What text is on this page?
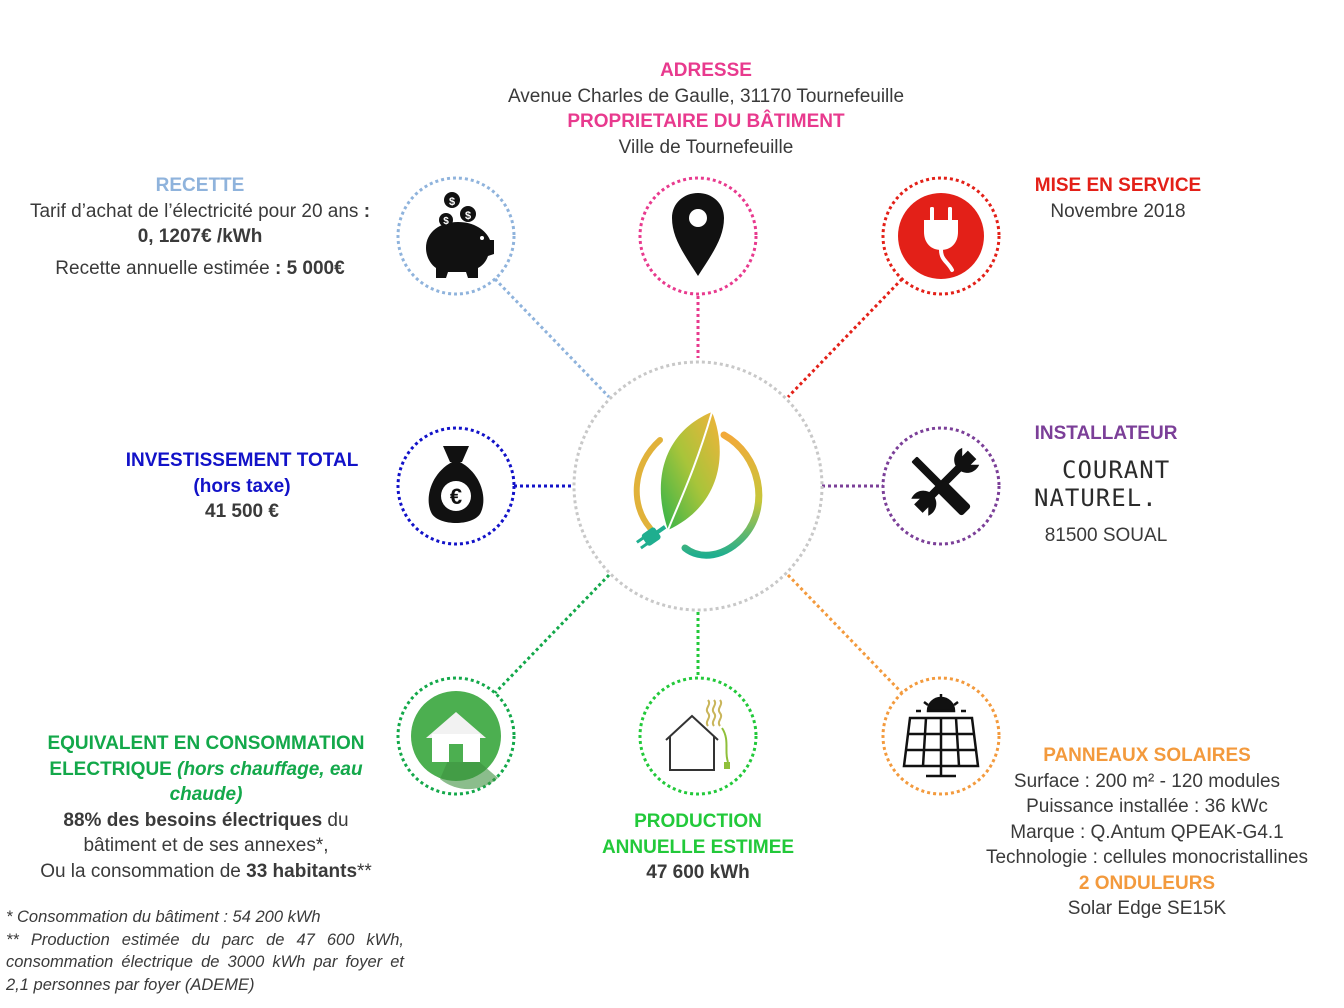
€
$
$
$
ADRESSE
Avenue Charles de Gaulle, 31170 Tournefeuille
PROPRIETAIRE DU BÂTIMENT
Ville de Tournefeuille
MISE EN SERVICE
Novembre 2018
INSTALLATEUR
COURANT
NATUREL.
81500 SOUAL
PANNEAUX SOLAIRES
Surface : 200 m² - 120 modules
Puissance installée : 36 kWc
Marque : Q.Antum QPEAK-G4.1
Technologie : cellules monocristallines
2 ONDULEURS
Solar Edge SE15K
PRODUCTION
ANNUELLE ESTIMEE
47 600 kWh
EQUIVALENT EN CONSOMMATION
ELECTRIQUE (hors chauffage, eau
chaude)
88% des besoins électriques du
bâtiment et de ses annexes*,
Ou la consommation de 33 habitants**
INVESTISSEMENT TOTAL
(hors taxe)
41 500 €
RECETTE
Tarif d’achat de l’électricité pour 20 ans :
0, 1207€ /kWh
Recette annuelle estimée : 5 000€
* Consommation du bâtiment : 54 200 kWh
** Production estimée du parc de 47 600 kWh, consommation électrique de 3000 kWh par foyer et 2,1 personnes par foyer (ADEME)
